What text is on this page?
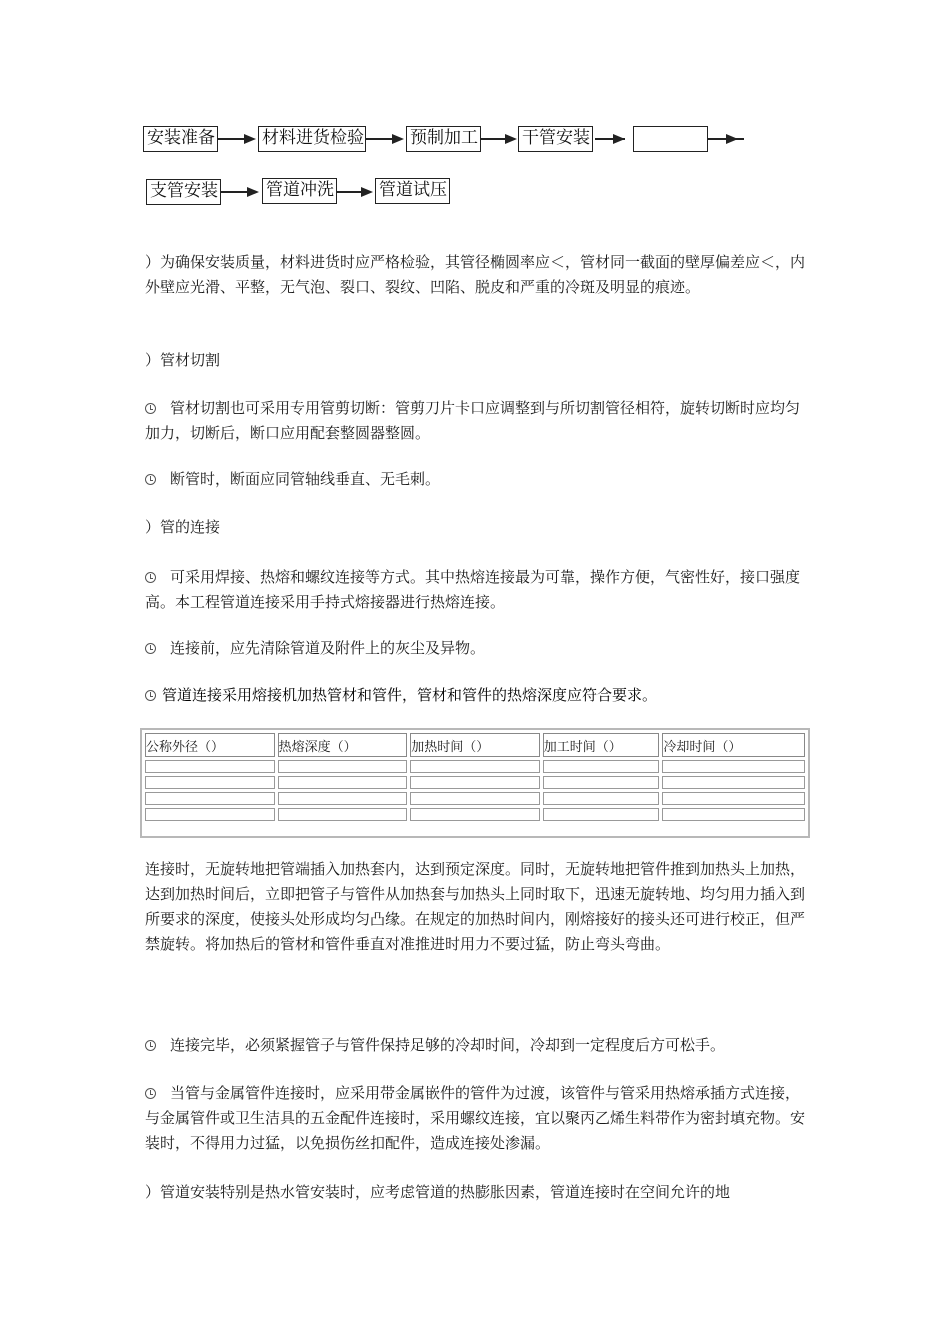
安装准备	材料进货检验	预制加工	干管安装
支管安装	管道冲洗	管道试压

）为确保安装质量，材料进货时应严格检验，其管径椭圆率应＜，管材同一截面的壁厚偏差应＜，内外壁应光滑、平整，无气泡、裂口、裂纹、凹陷、脱皮和严重的冷斑及明显的痕迹。

）管材切割

管材切割也可采用专用管剪切断：管剪刀片卡口应调整到与所切割管径相符，旋转切断时应均匀加力，切断后，断口应用配套整圆器整圆。

断管时，断面应同管轴线垂直、无毛刺。

）管的连接

可采用焊接、热熔和螺纹连接等方式。其中热熔连接最为可靠，操作方便，气密性好，接口强度高。本工程管道连接采用手持式熔接器进行热熔连接。

连接前，应先清除管道及附件上的灰尘及异物。

管道连接采用熔接机加热管材和管件，管材和管件的热熔深度应符合要求。

公称外径（）	热熔深度（）	加热时间（）	加工时间（）	冷却时间（）

连接时，无旋转地把管端插入加热套内，达到预定深度。同时，无旋转地把管件推到加热头上加热，达到加热时间后，立即把管子与管件从加热套与加热头上同时取下，迅速无旋转地、均匀用力插入到所要求的深度，使接头处形成均匀凸缘。在规定的加热时间内，刚熔接好的接头还可进行校正，但严禁旋转。将加热后的管材和管件垂直对准推进时用力不要过猛，防止弯头弯曲。

连接完毕，必须紧握管子与管件保持足够的冷却时间，冷却到一定程度后方可松手。

当管与金属管件连接时，应采用带金属嵌件的管件为过渡，该管件与管采用热熔承插方式连接，与金属管件或卫生洁具的五金配件连接时，采用螺纹连接，宜以聚丙乙烯生料带作为密封填充物。安装时，不得用力过猛，以免损伤丝扣配件，造成连接处渗漏。

）管道安装特别是热水管安装时，应考虑管道的热膨胀因素，管道连接时在空间允许的地
